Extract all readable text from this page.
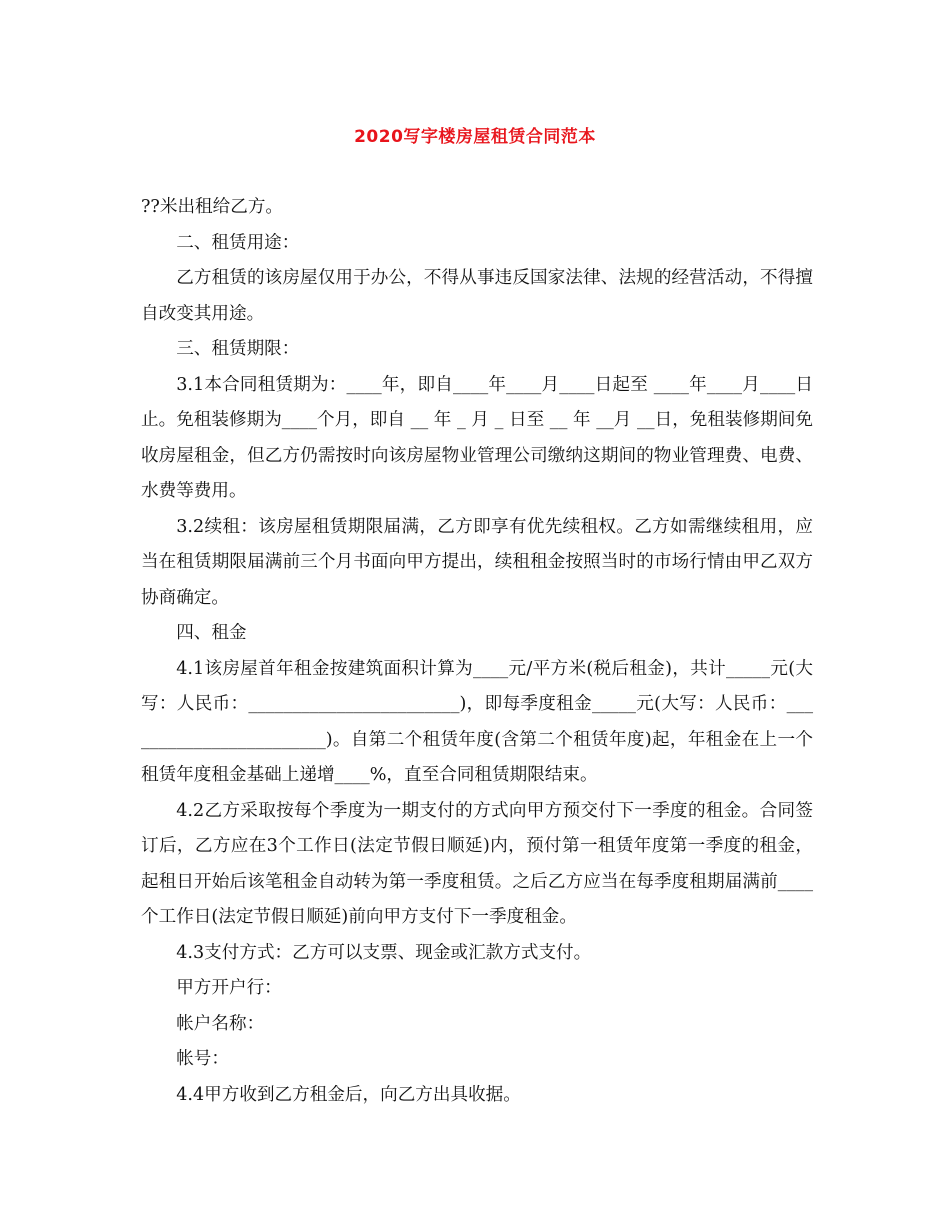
2020写字楼房屋租赁合同范本

??米出租给乙方。

二、租赁用途：

乙方租赁的该房屋仅用于办公，不得从事违反国家法律、法规的经营活动，不得擅自改变其用途。

三、租赁期限：

3.1本合同租赁期为：____年，即自____年____月____日起至 ____年____月____日止。免租装修期为____个月，即自 __ 年 _ 月 _ 日至 __ 年 __月 __日，免租装修期间免收房屋租金，但乙方仍需按时向该房屋物业管理公司缴纳这期间的物业管理费、电费、水费等费用。

3.2续租：该房屋租赁期限届满，乙方即享有优先续租权。乙方如需继续租用，应当在租赁期限届满前三个月书面向甲方提出，续租租金按照当时的市场行情由甲乙双方协商确定。

四、租金

4.1该房屋首年租金按建筑面积计算为____元/平方米(税后租金)，共计_____元(大写：人民币：________________________)，即每季度租金_____元(大写：人民币：________________________)。自第二个租赁年度(含第二个租赁年度)起，年租金在上一个租赁年度租金基础上递增____%，直至合同租赁期限结束。

4.2乙方采取按每个季度为一期支付的方式向甲方预交付下一季度的租金。合同签订后，乙方应在3个工作日(法定节假日顺延)内，预付第一租赁年度第一季度的租金，起租日开始后该笔租金自动转为第一季度租赁。之后乙方应当在每季度租期届满前____个工作日(法定节假日顺延)前向甲方支付下一季度租金。

4.3支付方式：乙方可以支票、现金或汇款方式支付。

甲方开户行：

帐户名称：

帐号：

4.4甲方收到乙方租金后，向乙方出具收据。
